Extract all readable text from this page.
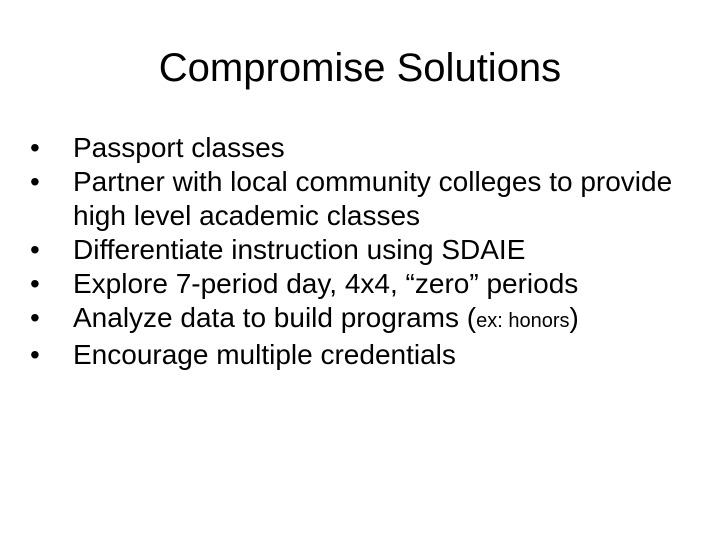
Compromise Solutions
•	Passport classes
•	Partner with local community colleges to provide high level academic classes
•	Differentiate instruction using SDAIE
•	Explore 7-period day, 4x4, “zero” periods
•	Analyze data to build programs (ex: honors)
•	Encourage multiple credentials
